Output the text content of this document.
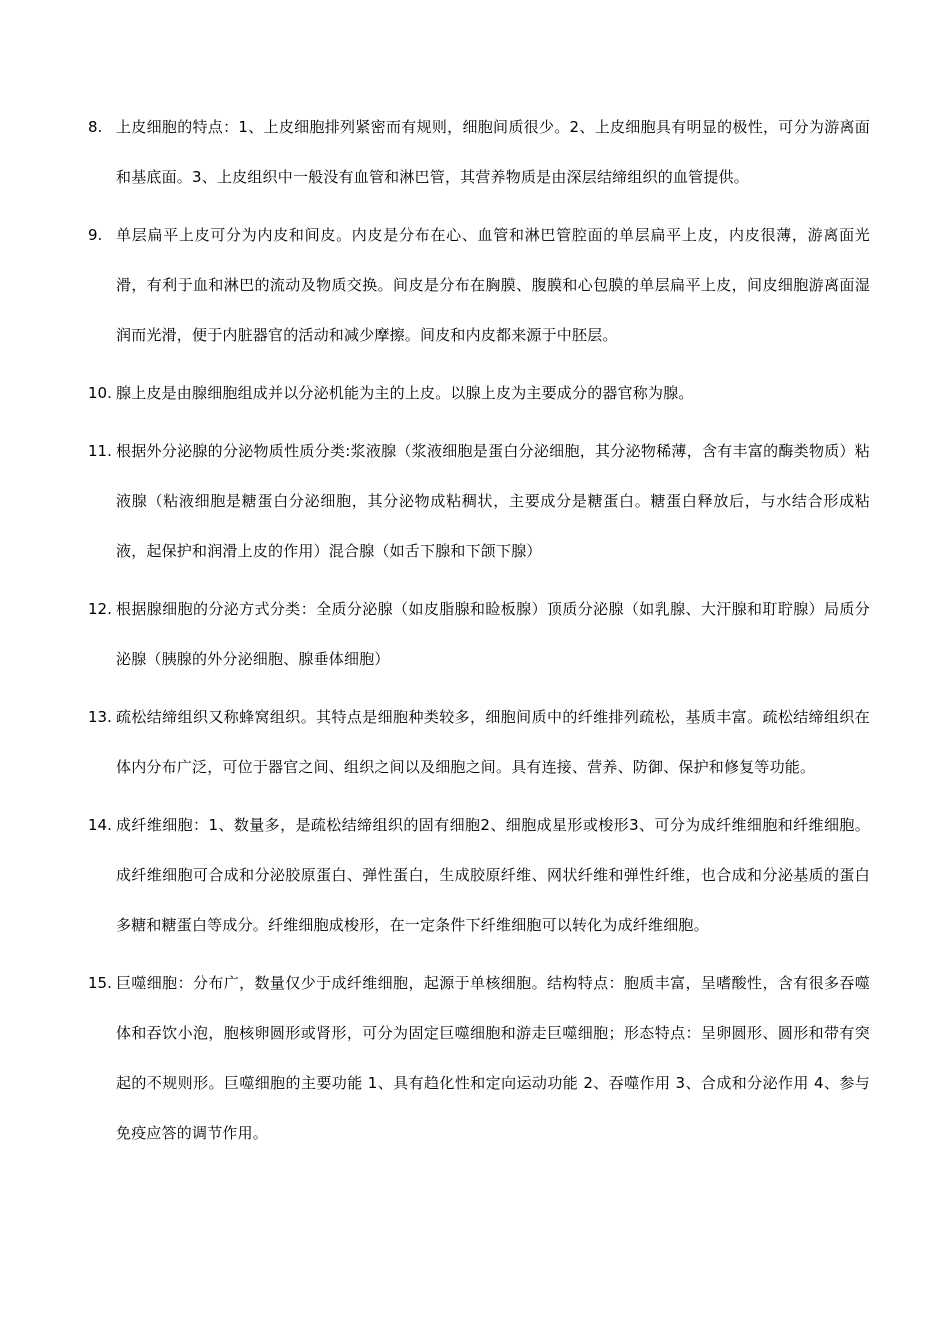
8. 上皮细胞的特点：1、上皮细胞排列紧密而有规则，细胞间质很少。2、上皮细胞具有明显的极性，可分为游离面和基底面。3、上皮组织中一般没有血管和淋巴管，其营养物质是由深层结缔组织的血管提供。
9. 单层扁平上皮可分为内皮和间皮。内皮是分布在心、血管和淋巴管腔面的单层扁平上皮，内皮很薄，游离面光滑，有利于血和淋巴的流动及物质交换。间皮是分布在胸膜、腹膜和心包膜的单层扁平上皮，间皮细胞游离面湿润而光滑，便于内脏器官的活动和减少摩擦。间皮和内皮都来源于中胚层。
10. 腺上皮是由腺细胞组成并以分泌机能为主的上皮。以腺上皮为主要成分的器官称为腺。
11. 根据外分泌腺的分泌物质性质分类:浆液腺（浆液细胞是蛋白分泌细胞，其分泌物稀薄，含有丰富的酶类物质）粘液腺（粘液细胞是糖蛋白分泌细胞，其分泌物成粘稠状，主要成分是糖蛋白。糖蛋白释放后，与水结合形成粘液，起保护和润滑上皮的作用）混合腺（如舌下腺和下颌下腺）
12. 根据腺细胞的分泌方式分类：全质分泌腺（如皮脂腺和睑板腺）顶质分泌腺（如乳腺、大汗腺和耵聍腺）局质分泌腺（胰腺的外分泌细胞、腺垂体细胞）
13. 疏松结缔组织又称蜂窝组织。其特点是细胞种类较多，细胞间质中的纤维排列疏松，基质丰富。疏松结缔组织在体内分布广泛，可位于器官之间、组织之间以及细胞之间。具有连接、营养、防御、保护和修复等功能。
14. 成纤维细胞：1、数量多，是疏松结缔组织的固有细胞2、细胞成星形或梭形3、可分为成纤维细胞和纤维细胞。成纤维细胞可合成和分泌胶原蛋白、弹性蛋白，生成胶原纤维、网状纤维和弹性纤维，也合成和分泌基质的蛋白多糖和糖蛋白等成分。纤维细胞成梭形，在一定条件下纤维细胞可以转化为成纤维细胞。
15. 巨噬细胞：分布广，数量仅少于成纤维细胞，起源于单核细胞。结构特点：胞质丰富，呈嗜酸性，含有很多吞噬体和吞饮小泡，胞核卵圆形或肾形，可分为固定巨噬细胞和游走巨噬细胞；形态特点：呈卵圆形、圆形和带有突起的不规则形。巨噬细胞的主要功能 1、具有趋化性和定向运动功能 2、吞噬作用 3、合成和分泌作用 4、参与免疫应答的调节作用。
